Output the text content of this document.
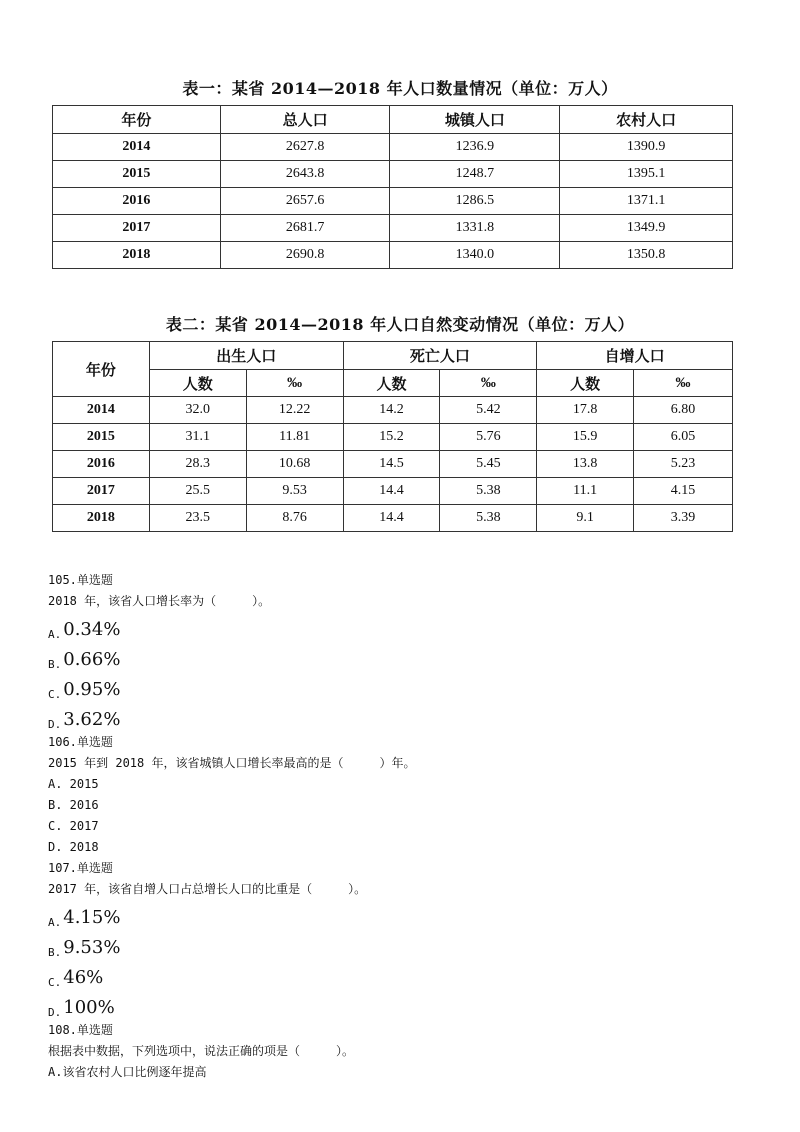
表一：某省 2014—2018 年人口数量情况（单位：万人）
年份	总人口	城镇人口	农村人口
2014	2627.8	1236.9	1390.9
2015	2643.8	1248.7	1395.1
2016	2657.6	1286.5	1371.1
2017	2681.7	1331.8	1349.9
2018	2690.8	1340.0	1350.8
表二：某省 2014—2018 年人口自然变动情况（单位：万人）
年份	出生人口		死亡人口		自增人口	
	人数	‰	人数	‰	人数	‰
2014	32.0	12.22	14.2	5.42	17.8	6.80
2015	31.1	11.81	15.2	5.76	15.9	6.05
2016	28.3	10.68	14.5	5.45	13.8	5.23
2017	25.5	9.53	14.4	5.38	11.1	4.15
2018	23.5	8.76	14.4	5.38	9.1	3.39
105.单选题
2018 年，该省人口增长率为（　　　）。
A. 0.34%
B. 0.66%
C. 0.95%
D. 3.62%
106.单选题
2015 年到 2018 年，该省城镇人口增长率最高的是（　　　）年。
A. 2015
B. 2016
C. 2017
D. 2018
107.单选题
2017 年，该省自增人口占总增长人口的比重是（　　　）。
A. 4.15%
B. 9.53%
C. 46%
D. 100%
108.单选题
根据表中数据，下列选项中，说法正确的项是（　　　）。
A.该省农村人口比例逐年提高
